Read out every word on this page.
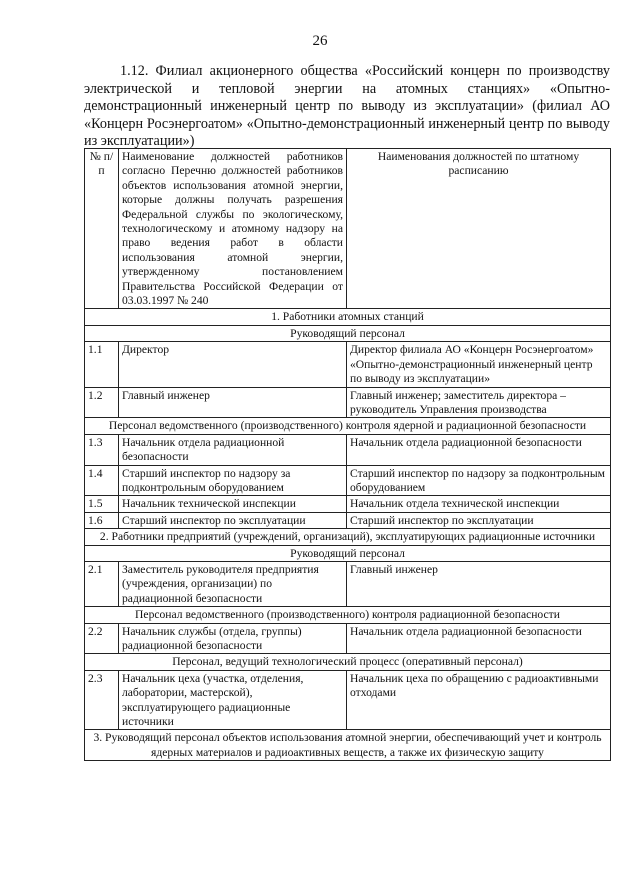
26
1.12. Филиал акционерного общества «Российский концерн по производству электрической и тепловой энергии на атомных станциях» «Опытно-демонстрационный инженерный центр по выводу из эксплуатации» (филиал АО «Концерн Росэнергоатом» «Опытно-демонстрационный инженерный центр по выводу из эксплуатации»)
№ п/п	Наименование должностей работников согласно Перечню должностей работников объектов использования атомной энергии, которые должны получать разрешения Федеральной службы по экологическому, технологическому и атомному надзору на право ведения работ в области использования атомной энергии, утвержденному постановлением Правительства Российской Федерации от 03.03.1997 № 240	Наименования должностей по штатному расписанию
1. Работники атомных станций		
Руководящий персонал		
1.1	Директор	Директор филиала АО «Концерн Росэнергоатом» «Опытно-демонстрационный инженерный центр по выводу из эксплуатации»
1.2	Главный инженер	Главный инженер; заместитель директора – руководитель Управления производства
Персонал ведомственного (производственного) контроля ядерной и радиационной безопасности		
1.3	Начальник отдела радиационной безопасности	Начальник отдела радиационной безопасности
1.4	Старший инспектор по надзору за подконтрольным оборудованием	Старший инспектор по надзору за подконтрольным оборудованием
1.5	Начальник технической инспекции	Начальник отдела технической инспекции
1.6	Старший инспектор по эксплуатации	Старший инспектор по эксплуатации
2. Работники предприятий (учреждений, организаций), эксплуатирующих радиационные источники		
Руководящий персонал		
2.1	Заместитель руководителя предприятия (учреждения, организации) по радиационной безопасности	Главный инженер
Персонал ведомственного (производственного) контроля радиационной безопасности		
2.2	Начальник службы (отдела, группы) радиационной безопасности	Начальник отдела радиационной безопасности
Персонал, ведущий технологический процесс (оперативный персонал)		
2.3	Начальник цеха (участка, отделения, лаборатории, мастерской), эксплуатирующего радиационные источники	Начальник цеха по обращению с радиоактивными отходами
3. Руководящий персонал объектов использования атомной энергии, обеспечивающий учет и контроль ядерных материалов и радиоактивных веществ, а также их физическую защиту		
